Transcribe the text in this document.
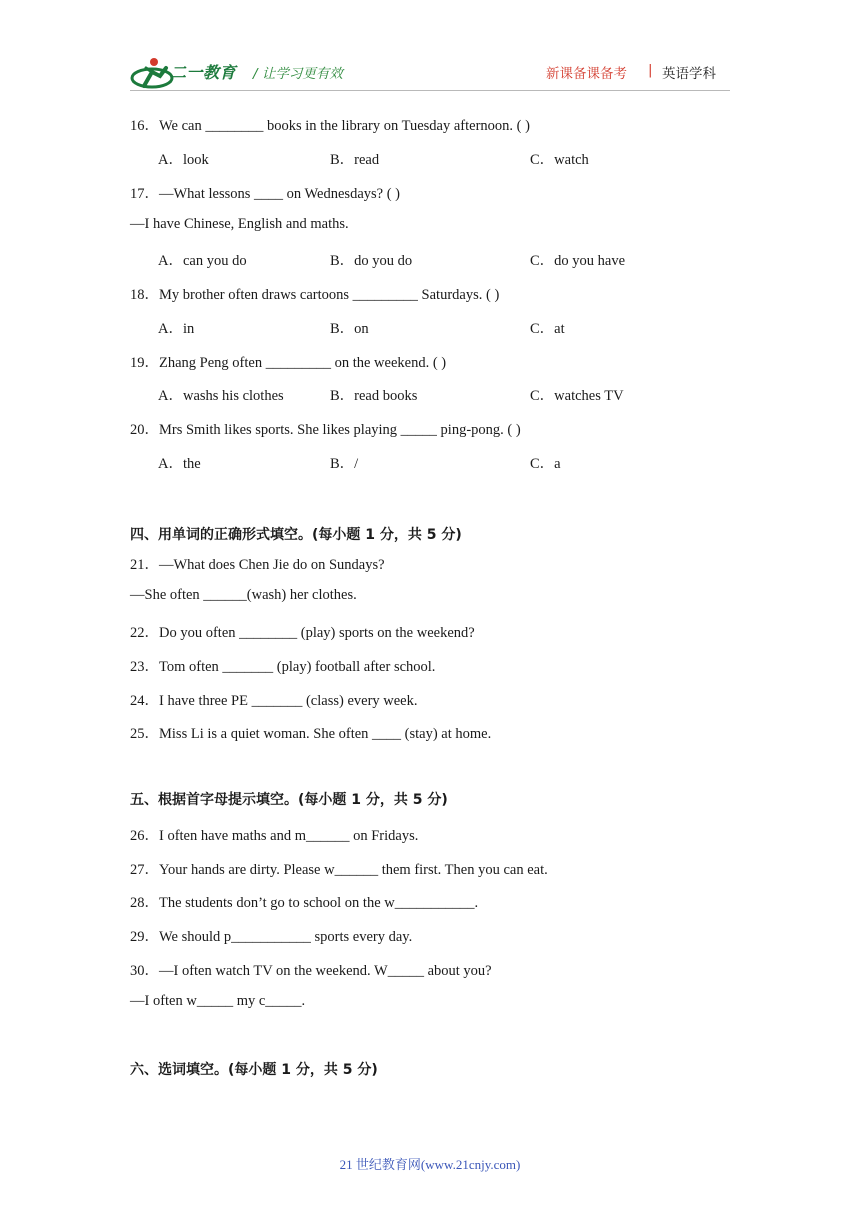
二一教育 / 让学习更有效	新课备课备考 | 英语学科
16．We can ________ books in the library on Tuesday afternoon. ( )
A．look	B．read	C．watch
17．—What lessons ____ on Wednesdays? ( )
—I have Chinese, English and maths.
A．can you do	B．do you do	C．do you have
18．My brother often draws cartoons _________ Saturdays. ( )
A．in	B．on	C．at
19．Zhang Peng often _________ on the weekend. ( )
A．washs his clothes	B．read books	C．watches TV
20．Mrs Smith likes sports. She likes playing _____ ping-pong. ( )
A．the	B．/	C．a
四、用单词的正确形式填空。(每小题 1 分，共 5 分)
21．—What does Chen Jie do on Sundays?
—She often ______(wash) her clothes.
22．Do you often ________ (play) sports on the weekend?
23．Tom often _______ (play) football after school.
24．I have three PE _______ (class) every week.
25．Miss Li is a quiet woman. She often ____ (stay) at home.
五、根据首字母提示填空。(每小题 1 分，共 5 分)
26．I often have maths and m______ on Fridays.
27．Your hands are dirty. Please w______ them first. Then you can eat.
28．The students don’t go to school on the w___________.
29．We should p___________ sports every day.
30．—I often watch TV on the weekend. W_____ about you?
—I often w_____ my c_____.
六、选词填空。(每小题 1 分，共 5 分)
21 世纪教育网(www.21cnjy.com)
